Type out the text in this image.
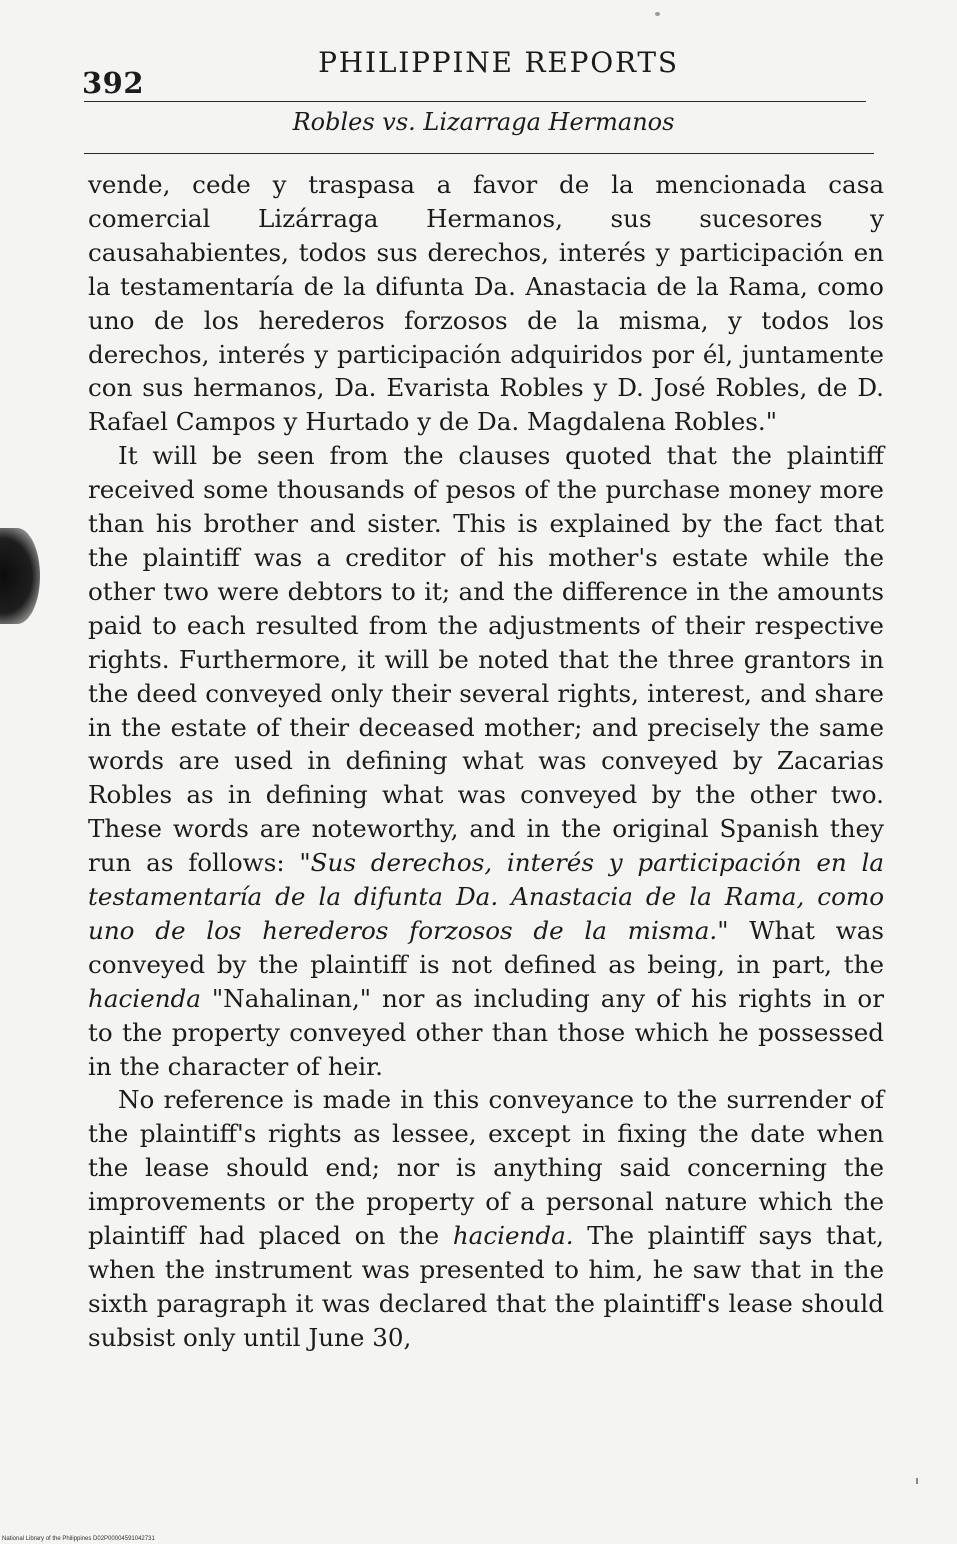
392
PHILIPPINE REPORTS
Robles vs. Lizarraga Hermanos

vende, cede y traspasa a favor de la mencionada casa comercial Lizárraga Hermanos, sus sucesores y causahabientes, todos sus derechos, interés y participación en la testamentaría de la difunta Da. Anastacia de la Rama, como uno de los herederos forzosos de la misma, y todos los derechos, interés y participación adquiridos por él, juntamente con sus hermanos, Da. Evarista Robles y D. José Robles, de D. Rafael Campos y Hurtado y de Da. Magdalena Robles."

It will be seen from the clauses quoted that the plaintiff received some thousands of pesos of the purchase money more than his brother and sister. This is explained by the fact that the plaintiff was a creditor of his mother's estate while the other two were debtors to it; and the difference in the amounts paid to each resulted from the adjustments of their respective rights. Furthermore, it will be noted that the three grantors in the deed conveyed only their several rights, interest, and share in the estate of their deceased mother; and precisely the same words are used in defining what was conveyed by Zacarias Robles as in defining what was conveyed by the other two. These words are noteworthy, and in the original Spanish they run as follows: "Sus derechos, interés y participación en la testamentaría de la difunta Da. Anastacia de la Rama, como uno de los herederos forzosos de la misma." What was conveyed by the plaintiff is not defined as being, in part, the hacienda "Nahalinan," nor as including any of his rights in or to the property conveyed other than those which he possessed in the character of heir.

No reference is made in this conveyance to the surrender of the plaintiff's rights as lessee, except in fixing the date when the lease should end; nor is anything said concerning the improvements or the property of a personal nature which the plaintiff had placed on the hacienda. The plaintiff says that, when the instrument was presented to him, he saw that in the sixth paragraph it was declared that the plaintiff's lease should subsist only until June 30,

National Library of the Philippines D02P00004591042731
